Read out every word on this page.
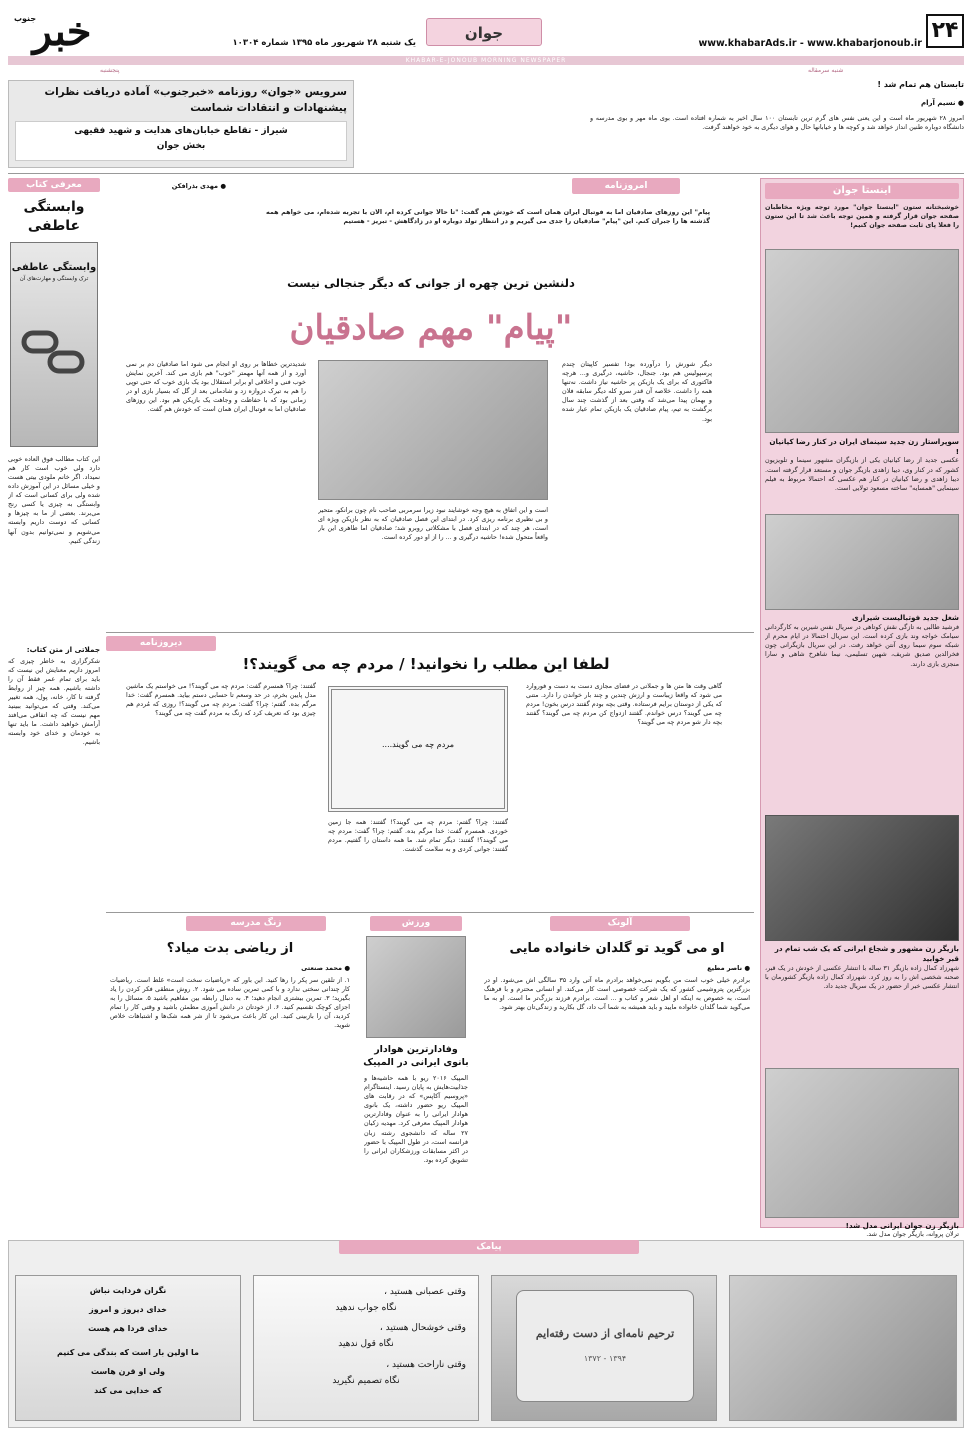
۲۴
www.khabarAds.ir - www.khabarjonoub.ir
جوان
یک شنبه ۲۸ شهریور ماه ۱۳۹۵ شماره ۱۰۳۰۴
خبر
جنوب
KHABAR-E-JONOUB MORNING NEWSPAPER
پنجشنبه	شنبه سرمقاله
تابستان هم تمام شد !
● نسیم آرام
امروز ۲۸ شهریور ماه است و این یعنی نفس های گرم ترین تابستان ۱۰۰ سال اخیر به شماره افتاده است. بوی ماه مهر و بوی مدرسه و دانشگاه دوباره طنین انداز خواهد شد و کوچه ها و خیابانها حال و هوای دیگری به خود خواهند گرفت.
سرویس «جوان» روزنامه «خبرجنوب» آماده دریافت نظرات
پیشنهادات و انتقادات شماست
شیراز - تقاطع خیابان‌های هدایت و شهید فقیهی
بخش جوان
معرفی کتاب
وابستگی عاطفی
وابستگی عاطفی
ترک وابستگی و مهارت‌های آن
این کتاب مطالب فوق العاده خوبی دارد ولی خوب است کار هم نمیداد. اگر خانم ملودی بیتی هست و خیلی مسائل در این آموزش داده شده ولی برای کسانی است که از وابستگی به چیزی یا کسی رنج می‌برند. بعضی از ما به چیزها و کسانی که دوست داریم وابسته می‌شویم و نمی‌توانیم بدون آنها زندگی کنیم.
جملاتی از متن کتاب:
شکرگزاری به خاطر چیزی که امروز داریم معنایش این نیست که باید برای تمام عمر فقط آن را داشته باشیم. همه چیز از روابط گرفته تا کار، خانه، پول، همه تغییر می‌کند. وقتی که می‌توانید ببینید مهم نیست که چه اتفاقی می‌افتد آرامش خواهید داشت. ما باید تنها به خودمان و خدای خود وابسته باشیم.
اینستا جوان
خوشبختانه ستون "اینستا جوان" مورد توجه ویژه مخاطبان صفحه جوان قرار گرفته و همین توجه باعث شد تا این ستون را فعلا پای ثابت صفحه جوان کنیم!
سوپراستار زن جدید سینمای ایران در کنار رضا کیانیان !
عکسی جدید از رضا کیانیان یکی از بازیگران مشهور سینما و تلویزیون کشور که در کنار وی، دیبا زاهدی بازیگر جوان و مستعد قرار گرفته است. دیبا زاهدی و رضا کیانیان در کنار هم عکسی که احتمالا مربوط به فیلم سینمایی "همسایه" ساخته مسعود تولایی است.
شغل جدید فوتبالیست شیرازی
فرشید طالبی به تازگی نقش کوتاهی در سریال نفس شیرین به کارگردانی سیامک خواجه وند بازی کرده است. این سریال احتمالا در ایام محرم از شبکه سوم سیما روی آنتن خواهد رفت. در این سریال بازیگرانی چون فخرالدین صدیق شریف، شهین تسلیمی، نیما شاهرخ شاهی و سارا منجزی بازی دارند.
بازیگر زن مشهور و شجاع ایرانی که یک شب تمام در قبر خوابید
شهرزاد کمال زاده بازیگر ۳۱ ساله با انتشار عکسی از خودش در یک قبر، صحنه شخصی اش را به روز کرد. شهرزاد کمال زاده بازیگر کشورمان با انتشار عکسی خبر از حضور در یک سریال جدید داد.
بازیگر زن جوان ایرانی مدل شد!
ترلان پروانه، بازیگر جوان مدل شد.
امروزنامه
● مهدی بذرافکن
پیام" این روزهای صادقیان اما به فوتبال ایران همان است که خودش هم گفت: "تا حالا جوانی کرده ام، الان با تجربه شده‌ام، می خواهم همه گذشته ها را جبران کنم. این "پیام" صادقیان را جدی می گیریم و در انتظار تولد دوباره او در زادگاهش - تبریز - هستیم
دلنشین ترین چهره از جوانی که دیگر جنجالی نیست
"پیام" مهم صادقیان
دیگر شورش را درآورده بود! تفسیر کاپیتان چندم پرسپولیس هم بود. جنجال، حاشیه، درگیری و... هرچه فاکتوری که برای یک بازیکن پر حاشیه نیاز داشت. نه‌تنها همه را داشت. خلاصه آن قدر سرو کله دیگر سابقه فلان و بهمان پیدا می‌شد که وقتی بعد از گذشت چند سال برگشت به تیم، پیام صادقیان یک بازیکن تمام عیار شده بود.
است و این اتفاق به هیچ وجه خوشایند نبود زیرا سرمربی صاحب نام چون برانکو، متحیر و بی نظیری برنامه ریزی کرد. در ابتدای این فصل صادقیان که به نظر بازیکن ویژه ای است، هر چند که در ابتدای فصل با مشکلاتی روبرو شد؛ صادقیان اما طاهری این بار واقعاً متحول شده! حاشیه درگیری و ... را از او دور کرده است.
شدیدترین خطاها بر روی او انجام می شود اما صادقیان دم بر نمی آورد و از همه آنها مهمتر "خوب" هم بازی می کند. آخرین نمایش خوب فنی و اخلاقی او برابر استقلال بود یک بازی خوب که حتی توپی را هم به تیرک دروازه زد و شادمانی بعد از گل که بسیار بازی او در زمانی بود که با حفاظت و وجاهت یک بازیکن هم بود. این روزهای صادقیان اما به فوتبال ایران همان است که خودش هم گفت.
دیروزنامه
لطفا این مطلب را نخوانید! / مردم چه می گویند؟!
گاهی وقت ها متن ها و جملاتی در فضای مجازی دست به دست و فوروارد می شود که واقعا زیباست و ارزش چندین و چند بار خواندن را دارد. متنی که یکی از دوستان برایم فرستاده. وقتی بچه بودم گفتند درس بخون! مردم چه می گویند؟ درس خواندم. گفتند ازدواج کن مردم چه می گویند؟ گفتند بچه دار شو مردم چه می گویند؟
مردم چه می گویند....
گفتند: چرا؟ گفتم: مردم چه می گویند؟! گفتند: همه جا زمین خوردی. همسرم گفت: خدا مرگم بده. گفتم: چرا؟ گفت: مردم چه می گویند؟! گفتند: دیگر تمام شد. ما همه داستان را گفتیم. مردم گفتند: جوانی کردی و به سلامت گذشت.
گفتند: چرا؟ همسرم گفت: مردم چه می گویند؟! می خواستم یک ماشین مدل پایین بخرم، در حد وسعم تا حسابی دستم بیاید. همسرم گفت: خدا مرگم بده. گفتم: چرا؟ گفت: مردم چه می گویند؟! روزی که مُردم هم چیزی بود که تعریف کرد که زنگ به مردم گفت چه می گویند؟
آلونک
او می گوید تو گلدان خانواده مایی
● ناصر مطیع
برادرم خیلی خوب است من بگویم نمی‌خواهد برادرم ماه آتی وارد ۳۵ سالگی اش می‌شود. او در بزرگترین پتروشیمی کشور که یک شرکت خصوصی است کار می‌کند. او انسانی محترم و با فرهنگ است، به خصوص به اینکه او اهل شعر و کتاب و ... است. برادرم فرزند بزرگ‌تر ما است. او به ما می‌گوید شما گلدان خانواده مایید و باید همیشه به شما آب داد، گل بکارید و زندگی‌تان بهتر شود.
ورزش
وفادارترین هوادار بانوی ایرانی در المپیک
المپیک ۲۰۱۶ ریو با همه حاشیه‌ها و جذابیت‌هایش به پایان رسید. اینستاگرام «پروسیم آکاپس» که در رقابت های المپیک ریو حضور داشته، یک بانوی هوادار ایرانی را به عنوان وفادارترین هوادار المپیک معرفی کرد. مهدیه زکیان ۲۷ ساله که دانشجوی رشته زبان فرانسه است، در طول المپیک با حضور در اکثر مسابقات ورزشکاران ایرانی را تشویق کرده بود.
زنگ مدرسه
از ریاضی بدت میاد؟
● محمد صنعتی
۱. از تلقین سر پکر را رها کنید. این باور که «ریاضیات سخت است» غلط است. ریاضیات کار چندانی سختی ندارد و با کمی تمرین ساده می شود. ۲. روش منطقی فکر کردن را یاد بگیرید؛ ۳. تمرین بیشتری انجام دهید؛ ۴. به دنبال رابطه بین مفاهیم باشید ۵. مسائل را به اجزای کوچک تقسیم کنید. ۶. از خودتان در دانش آموزی مطمئن باشید و وقتی کار را تمام کردید، آن را بازبینی کنید. این کار باعث می‌شود تا از شر همه شک‌ها و اشتباهات خلاص شوید.
پیامک
نگران فردایت نباش
خدای دیروز و امروز
خدای فردا هم هست
ما اولین بار است که بندگی می کنیم
ولی او قرن هاست
که خدایی می کند
وقتی عصبانی هستید ،
نگاه جواب ندهید
وقتی خوشحال هستید ،
نگاه قول ندهید
وقتی ناراحت هستید ،
نگاه تصمیم نگیرید
ترحیم نامه‌ای از دست رفته‌ایم
۱۳۷۲ - ۱۳۹۴
